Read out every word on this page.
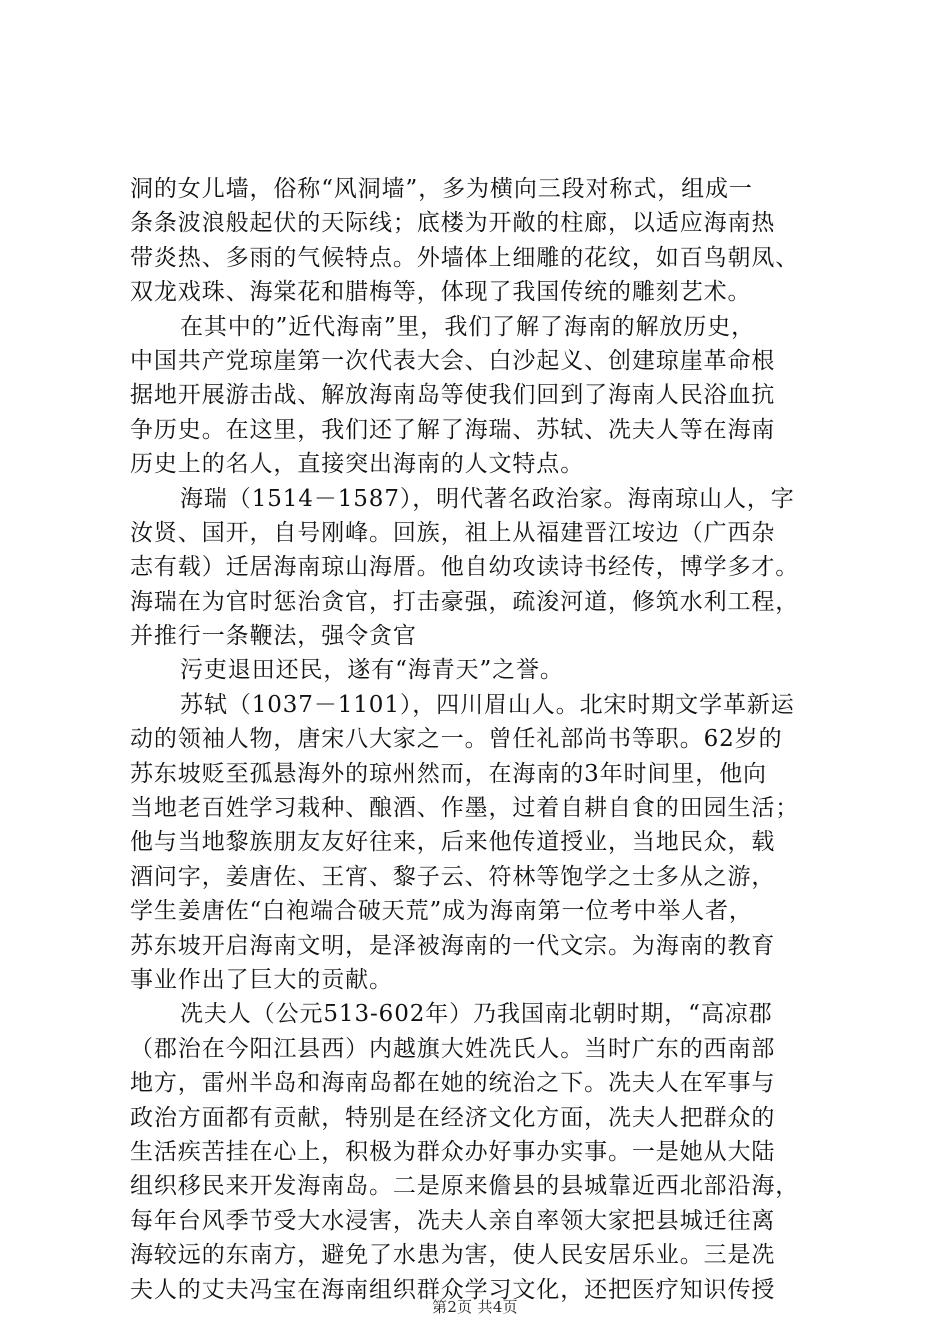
洞的女儿墙，俗称“风洞墙”，多为横向三段对称式，组成一
条条波浪般起伏的天际线；底楼为开敞的柱廊，以适应海南热
带炎热、多雨的气候特点。外墙体上细雕的花纹，如百鸟朝凤、
双龙戏珠、海棠花和腊梅等，体现了我国传统的雕刻艺术。
在其中的”近代海南”里，我们了解了海南的解放历史，
中国共产党琼崖第一次代表大会、白沙起义、创建琼崖革命根
据地开展游击战、解放海南岛等使我们回到了海南人民浴血抗
争历史。在这里，我们还了解了海瑞、苏轼、冼夫人等在海南
历史上的名人，直接突出海南的人文特点。
海瑞（1514－1587），明代著名政治家。海南琼山人，字
汝贤、国开，自号刚峰。回族，祖上从福建晋江垵边（广西杂
志有载）迁居海南琼山海厝。他自幼攻读诗书经传，博学多才。
海瑞在为官时惩治贪官，打击豪强，疏浚河道，修筑水利工程，
并推行一条鞭法，强令贪官
污吏退田还民，遂有“海青天”之誉。
苏轼（1037－1101），四川眉山人。北宋时期文学革新运
动的领袖人物，唐宋八大家之一。曾任礼部尚书等职。62岁的
苏东坡贬至孤悬海外的琼州然而，在海南的3年时间里，他向
当地老百姓学习栽种、酿酒、作墨，过着自耕自食的田园生活；
他与当地黎族朋友友好往来，后来他传道授业，当地民众，载
酒问字，姜唐佐、王宵、黎子云、符林等饱学之士多从之游，
学生姜唐佐“白袍端合破天荒”成为海南第一位考中举人者，
苏东坡开启海南文明，是泽被海南的一代文宗。为海南的教育
事业作出了巨大的贡献。
冼夫人（公元513-602年）乃我国南北朝时期，“高凉郡
（郡治在今阳江县西）内越旗大姓冼氏人。当时广东的西南部
地方，雷州半岛和海南岛都在她的统治之下。冼夫人在军事与
政治方面都有贡献，特别是在经济文化方面，冼夫人把群众的
生活疾苦挂在心上，积极为群众办好事办实事。一是她从大陆
组织移民来开发海南岛。二是原来儋县的县城靠近西北部沿海，
每年台风季节受大水浸害，冼夫人亲自率领大家把县城迁往离
海较远的东南方，避免了水患为害，使人民安居乐业。三是冼
夫人的丈夫冯宝在海南组织群众学习文化，还把医疗知识传授
第2页 共4页
